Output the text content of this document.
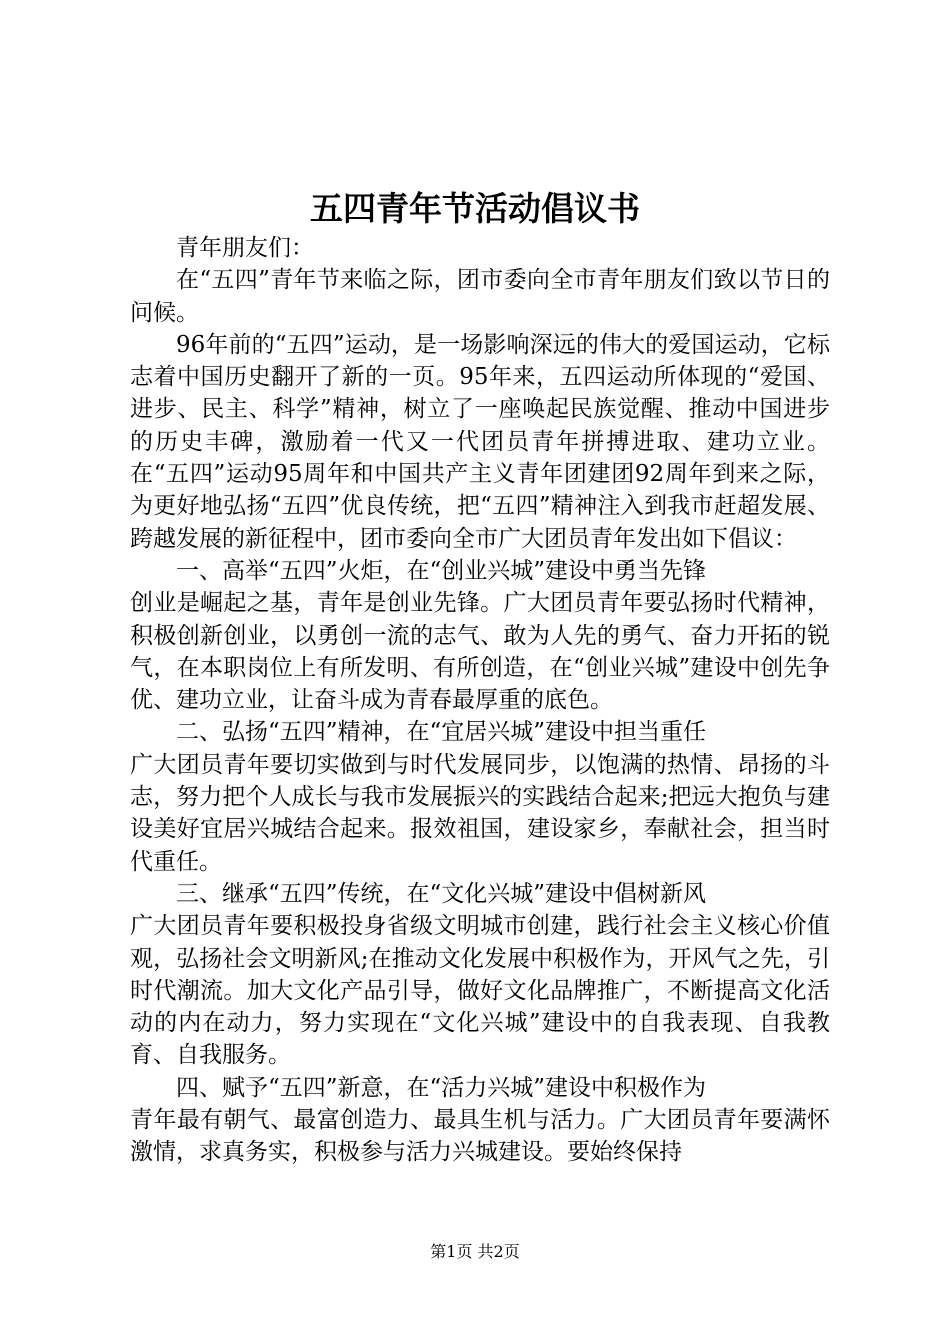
五四青年节活动倡议书

青年朋友们：

在“五四”青年节来临之际，团市委向全市青年朋友们致以节日的问候。

96年前的“五四”运动，是一场影响深远的伟大的爱国运动，它标志着中国历史翻开了新的一页。95年来，五四运动所体现的“爱国、进步、民主、科学”精神，树立了一座唤起民族觉醒、推动中国进步的历史丰碑，激励着一代又一代团员青年拼搏进取、建功立业。在“五四”运动95周年和中国共产主义青年团建团92周年到来之际，为更好地弘扬“五四”优良传统，把“五四”精神注入到我市赶超发展、跨越发展的新征程中，团市委向全市广大团员青年发出如下倡议：

一、高举“五四”火炬，在“创业兴城”建设中勇当先锋

创业是崛起之基，青年是创业先锋。广大团员青年要弘扬时代精神，积极创新创业，以勇创一流的志气、敢为人先的勇气、奋力开拓的锐气，在本职岗位上有所发明、有所创造，在“创业兴城”建设中创先争优、建功立业，让奋斗成为青春最厚重的底色。

二、弘扬“五四”精神，在“宜居兴城”建设中担当重任

广大团员青年要切实做到与时代发展同步，以饱满的热情、昂扬的斗志，努力把个人成长与我市发展振兴的实践结合起来;把远大抱负与建设美好宜居兴城结合起来。报效祖国，建设家乡，奉献社会，担当时代重任。

三、继承“五四”传统，在“文化兴城”建设中倡树新风

广大团员青年要积极投身省级文明城市创建，践行社会主义核心价值观，弘扬社会文明新风;在推动文化发展中积极作为，开风气之先，引时代潮流。加大文化产品引导，做好文化品牌推广，不断提高文化活动的内在动力，努力实现在“文化兴城”建设中的自我表现、自我教育、自我服务。

四、赋予“五四”新意，在“活力兴城”建设中积极作为

青年最有朝气、最富创造力、最具生机与活力。广大团员青年要满怀激情，求真务实，积极参与活力兴城建设。要始终保持

第1页 共2页
